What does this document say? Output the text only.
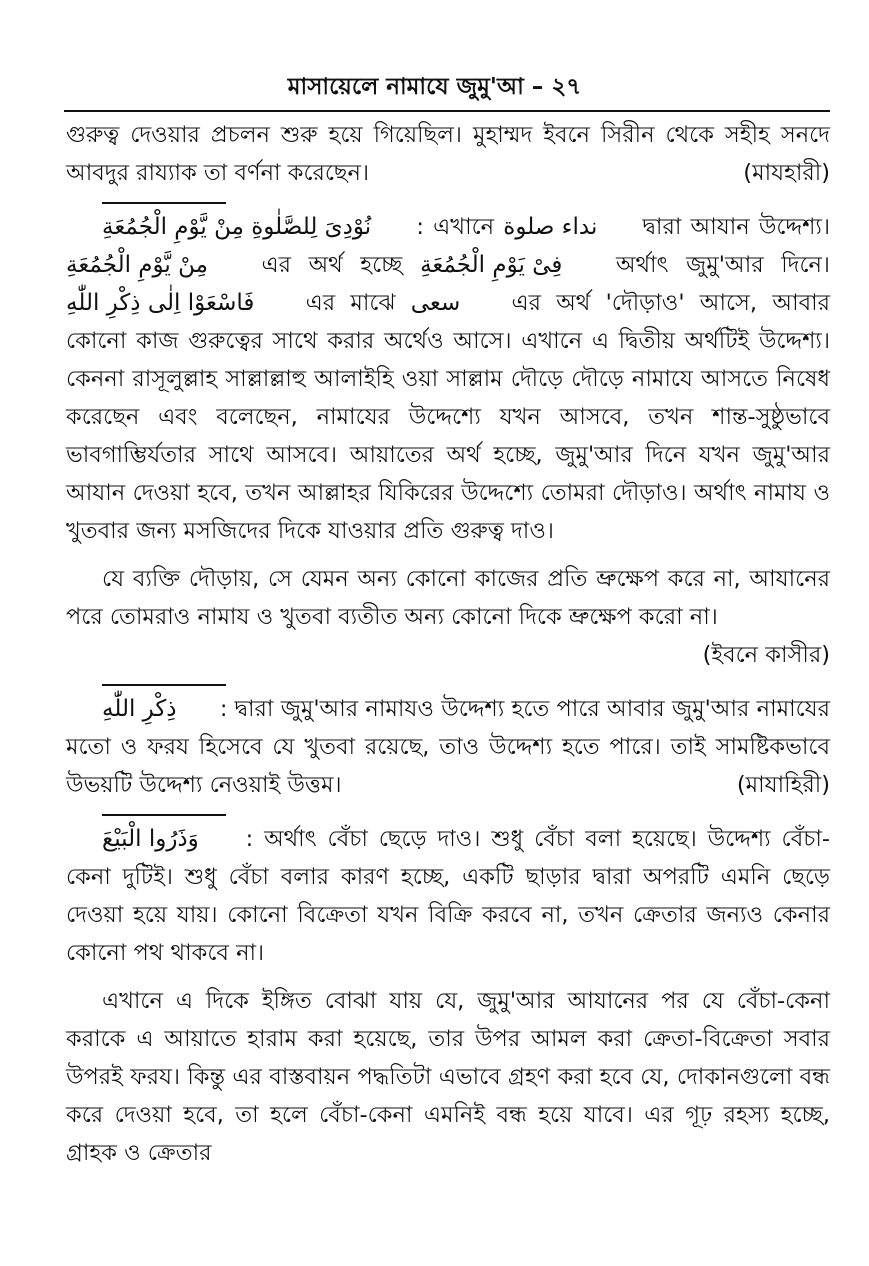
মাসায়েলে নামাযে জুমু'আ – ২৭

গুরুত্ব দেওয়ার প্রচলন শুরু হয়ে গিয়েছিল। মুহাম্মদ ইবনে সিরীন থেকে সহীহ সনদে আবদুর রায্যাক তা বর্ণনা করেছেন।	(মাযহারী)

نُوْدِىَ لِلصَّلٰوةِ مِنْ يَّوْمِ الْجُمُعَةِ : এখানে نداء صلوة দ্বারা আযান উদ্দেশ্য। مِنْ يَّوْمِ الْجُمُعَةِ এর অর্থ হচ্ছে فِىْ يَوْمِ الْجُمُعَةِ অর্থাৎ জুমু'আর দিনে। فَاسْعَوْا اِلٰى ذِكْرِ اللّٰهِ এর মাঝে سعى এর অর্থ 'দৌড়াও' আসে, আবার কোনো কাজ গুরুত্বের সাথে করার অর্থেও আসে। এখানে এ দ্বিতীয় অর্থটিই উদ্দেশ্য। কেননা রাসূলুল্লাহ সাল্লাল্লাহু আলাইহি ওয়া সাল্লাম দৌড়ে দৌড়ে নামাযে আসতে নিষেধ করেছেন এবং বলেছেন, নামাযের উদ্দেশ্যে যখন আসবে, তখন শান্ত-সুষ্ঠুভাবে ভাবগাম্ভির্যতার সাথে আসবে। আয়াতের অর্থ হচ্ছে, জুমু'আর দিনে যখন জুমু'আর আযান দেওয়া হবে, তখন আল্লাহর যিকিরের উদ্দেশ্যে তোমরা দৌড়াও। অর্থাৎ নামায ও খুতবার জন্য মসজিদের দিকে যাওয়ার প্রতি গুরুত্ব দাও।

যে ব্যক্তি দৌড়ায়, সে যেমন অন্য কোনো কাজের প্রতি ভ্রুক্ষেপ করে না, আযানের পরে তোমরাও নামায ও খুতবা ব্যতীত অন্য কোনো দিকে ভ্রুক্ষেপ করো না।
(ইবনে কাসীর)

ذِكْرِ اللّٰهِ : দ্বারা জুমু'আর নামাযও উদ্দেশ্য হতে পারে আবার জুমু'আর নামাযের মতো ও ফরয হিসেবে যে খুতবা রয়েছে, তাও উদ্দেশ্য হতে পারে। তাই সামষ্টিকভাবে উভয়টি উদ্দেশ্য নেওয়াই উত্তম।	(মাযাহিরী)

وَذَرُوا الْبَيْعَ : অর্থাৎ বেঁচা ছেড়ে দাও। শুধু বেঁচা বলা হয়েছে। উদ্দেশ্য বেঁচা-কেনা দুটিই। শুধু বেঁচা বলার কারণ হচ্ছে, একটি ছাড়ার দ্বারা অপরটি এমনি ছেড়ে দেওয়া হয়ে যায়। কোনো বিক্রেতা যখন বিক্রি করবে না, তখন ক্রেতার জন্যও কেনার কোনো পথ থাকবে না।

এখানে এ দিকে ইঙ্গিত বোঝা যায় যে, জুমু'আর আযানের পর যে বেঁচা-কেনা করাকে এ আয়াতে হারাম করা হয়েছে, তার উপর আমল করা ক্রেতা-বিক্রেতা সবার উপরই ফরয। কিন্তু এর বাস্তবায়ন পদ্ধতিটা এভাবে গ্রহণ করা হবে যে, দোকানগুলো বন্ধ করে দেওয়া হবে, তা হলে বেঁচা-কেনা এমনিই বন্ধ হয়ে যাবে। এর গূঢ় রহস্য হচ্ছে, গ্রাহক ও ক্রেতার
